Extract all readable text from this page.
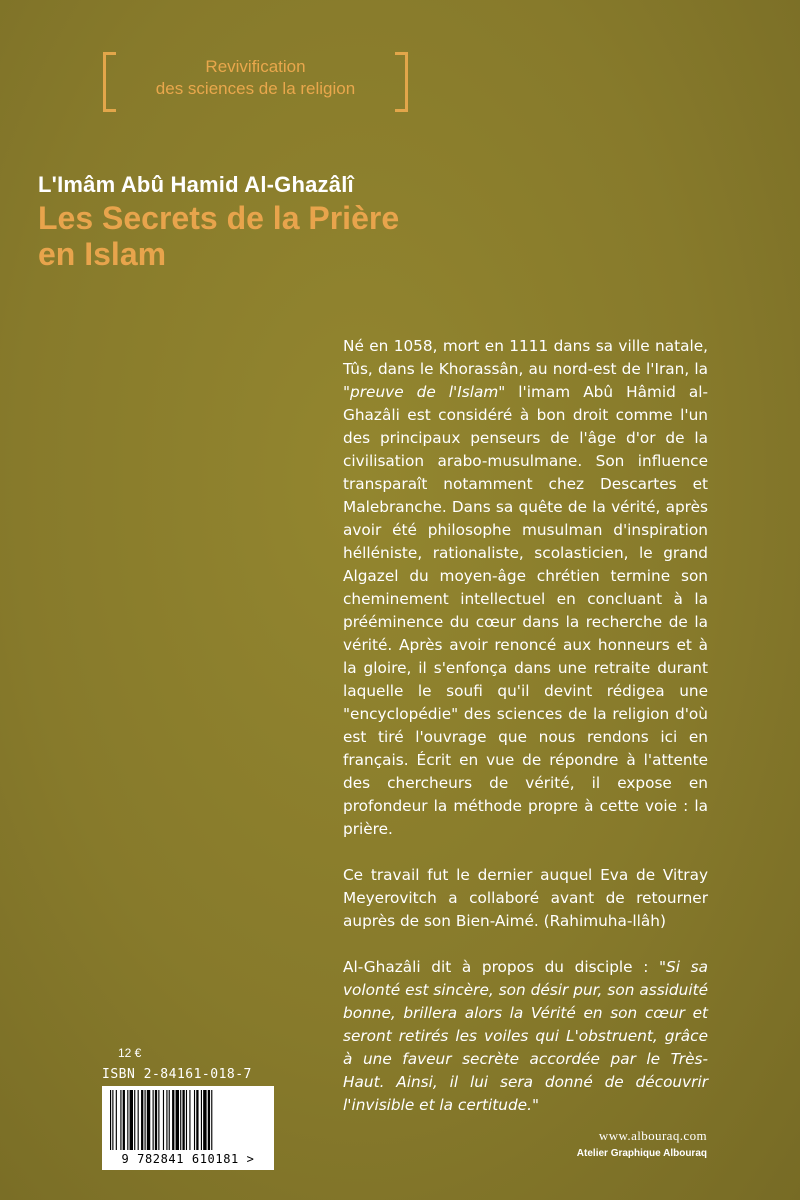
Revivification
des sciences de la religion
L'Imâm Abû Hamid Al-Ghazâlî
Les Secrets de la Prière
en Islam

Né en 1058, mort en 1111 dans sa ville natale, Tûs, dans le Khorassân, au nord-est de l'Iran, la "preuve de l'Islam" l'imam Abû Hâmid al-Ghazâli est considéré à bon droit comme l'un des principaux penseurs de l'âge d'or de la civilisation arabo-musulmane. Son influence transparaît notamment chez Descartes et Malebranche. Dans sa quête de la vérité, après avoir été philosophe musulman d'inspiration hélléniste, rationaliste, scolasticien, le grand Algazel du moyen-âge chrétien termine son cheminement intellectuel en concluant à la prééminence du cœur dans la recherche de la vérité. Après avoir renoncé aux honneurs et à la gloire, il s'enfonça dans une retraite durant laquelle le soufi qu'il devint rédigea une "encyclopédie" des sciences de la religion d'où est tiré l'ouvrage que nous rendons ici en français. Écrit en vue de répondre à l'attente des chercheurs de vérité, il expose en profondeur la méthode propre à cette voie : la prière.

Ce travail fut le dernier auquel Eva de Vitray Meyerovitch a collaboré avant de retourner auprès de son Bien-Aimé. (Rahimuha-llâh)

Al-Ghazâli dit à propos du disciple : "Si sa volonté est sincère, son désir pur, son assiduité bonne, brillera alors la Vérité en son cœur et seront retirés les voiles qui L'obstruent, grâce à une faveur secrète accordée par le Très-Haut. Ainsi, il lui sera donné de découvrir l'invisible et la certitude."

12 €
ISBN 2-84161-018-7
9 782841 610181 >
www.albouraq.com
Atelier Graphique Albouraq
